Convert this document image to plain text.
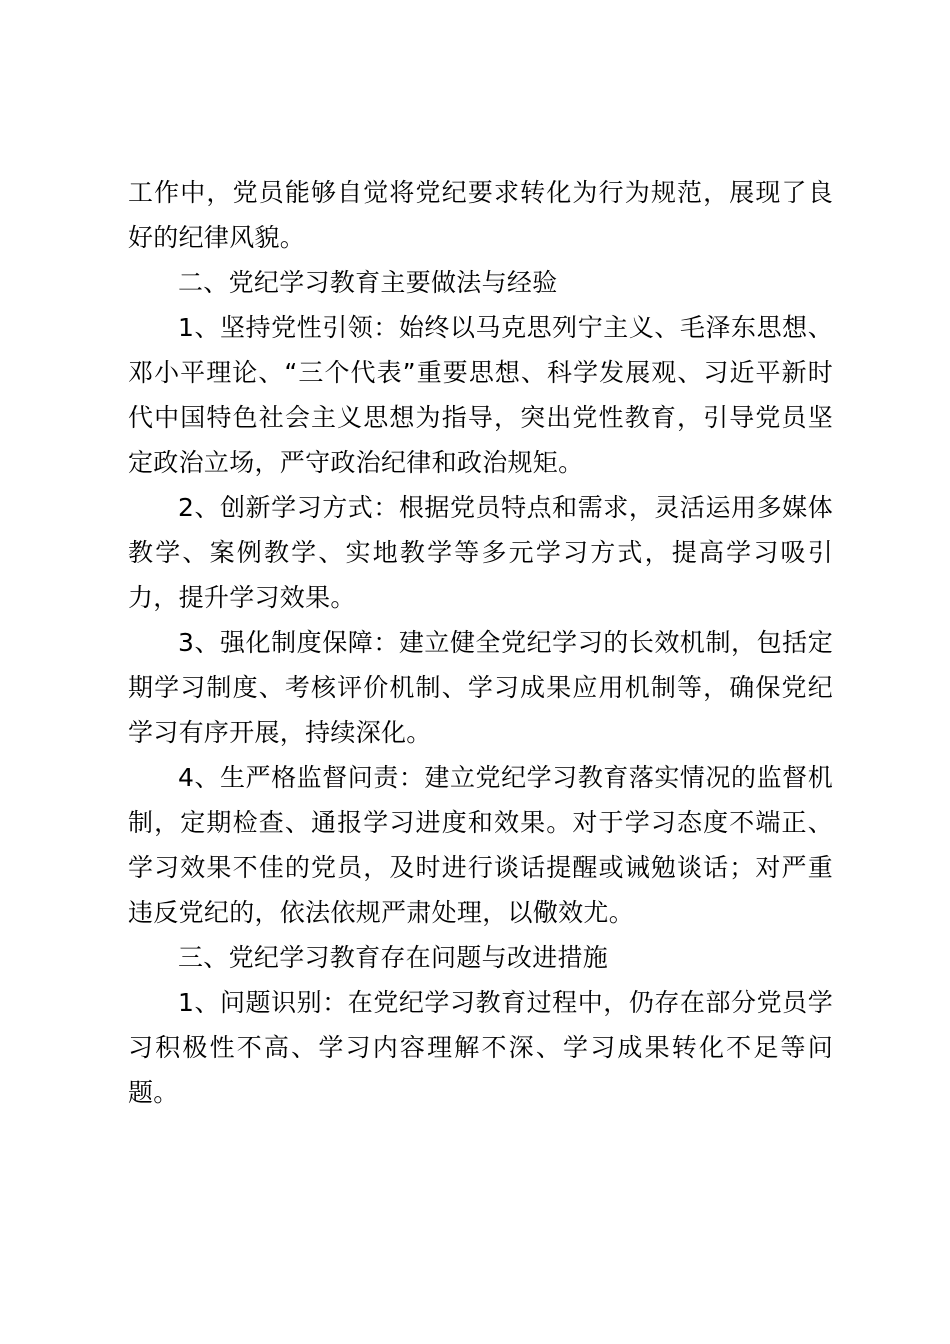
工作中，党员能够自觉将党纪要求转化为行为规范，展现了良好的纪律风貌。

二、党纪学习教育主要做法与经验

1、坚持党性引领：始终以马克思列宁主义、毛泽东思想、邓小平理论、“三个代表”重要思想、科学发展观、习近平新时代中国特色社会主义思想为指导，突出党性教育，引导党员坚定政治立场，严守政治纪律和政治规矩。

2、创新学习方式：根据党员特点和需求，灵活运用多媒体教学、案例教学、实地教学等多元学习方式，提高学习吸引力，提升学习效果。

3、强化制度保障：建立健全党纪学习的长效机制，包括定期学习制度、考核评价机制、学习成果应用机制等，确保党纪学习有序开展，持续深化。

4、生严格监督问责：建立党纪学习教育落实情况的监督机制，定期检查、通报学习进度和效果。对于学习态度不端正、学习效果不佳的党员，及时进行谈话提醒或诫勉谈话；对严重违反党纪的，依法依规严肃处理，以儆效尤。

三、党纪学习教育存在问题与改进措施

1、问题识别：在党纪学习教育过程中，仍存在部分党员学习积极性不高、学习内容理解不深、学习成果转化不足等问题。
